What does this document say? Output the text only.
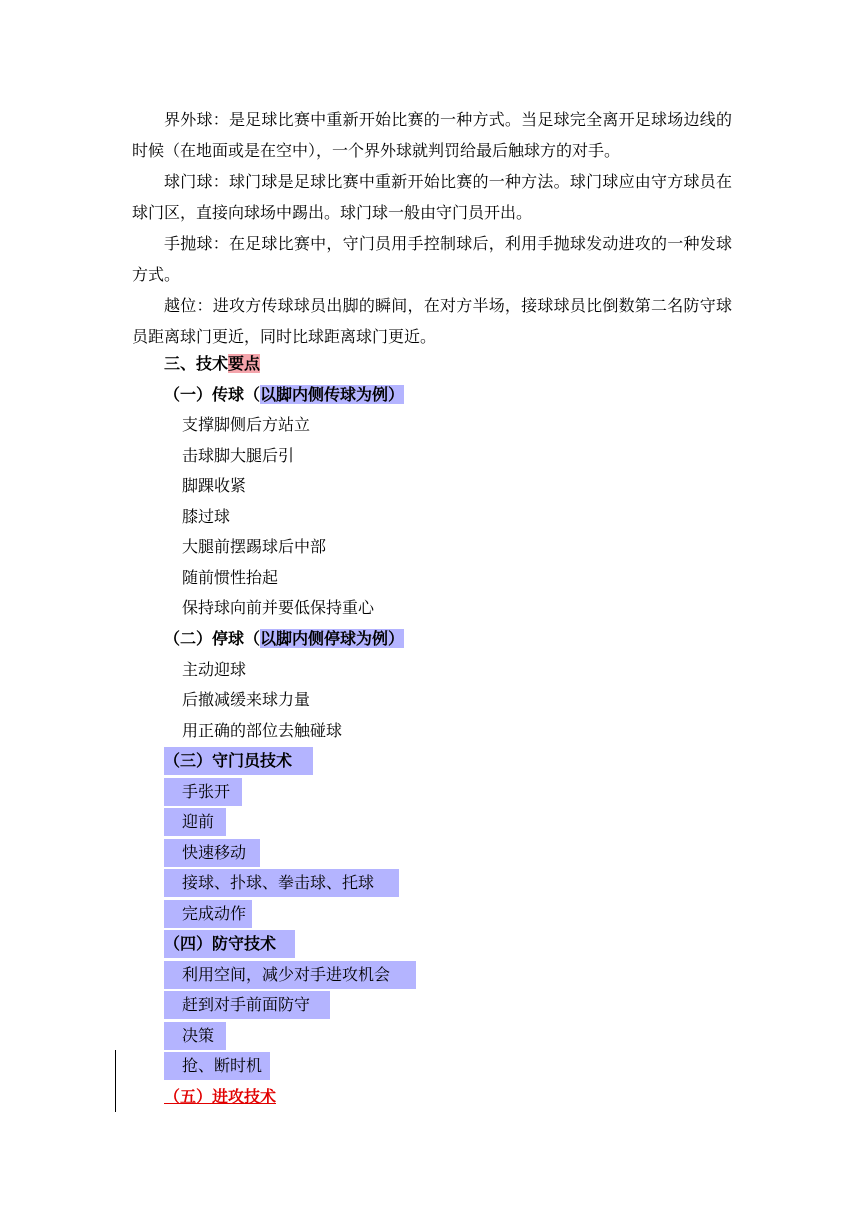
界外球：是足球比赛中重新开始比赛的一种方式。当足球完全离开足球场边线的时候（在地面或是在空中），一个界外球就判罚给最后触球方的对手。
球门球：球门球是足球比赛中重新开始比赛的一种方法。球门球应由守方球员在球门区，直接向球场中踢出。球门球一般由守门员开出。
手抛球：在足球比赛中，守门员用手控制球后，利用手抛球发动进攻的一种发球方式。
越位：进攻方传球球员出脚的瞬间，在对方半场，接球球员比倒数第二名防守球员距离球门更近，同时比球距离球门更近。
三、技术要点
（一）传球（以脚内侧传球为例）
支撑脚侧后方站立
击球脚大腿后引
脚踝收紧
膝过球
大腿前摆踢球后中部
随前惯性抬起
保持球向前并要低保持重心
（二）停球（以脚内侧停球为例）
主动迎球
后撤减缓来球力量
用正确的部位去触碰球
（三）守门员技术
手张开
迎前
快速移动
接球、扑球、拳击球、托球
完成动作
（四）防守技术
利用空间，减少对手进攻机会
赶到对手前面防守
决策
抢、断时机
（五）进攻技术
